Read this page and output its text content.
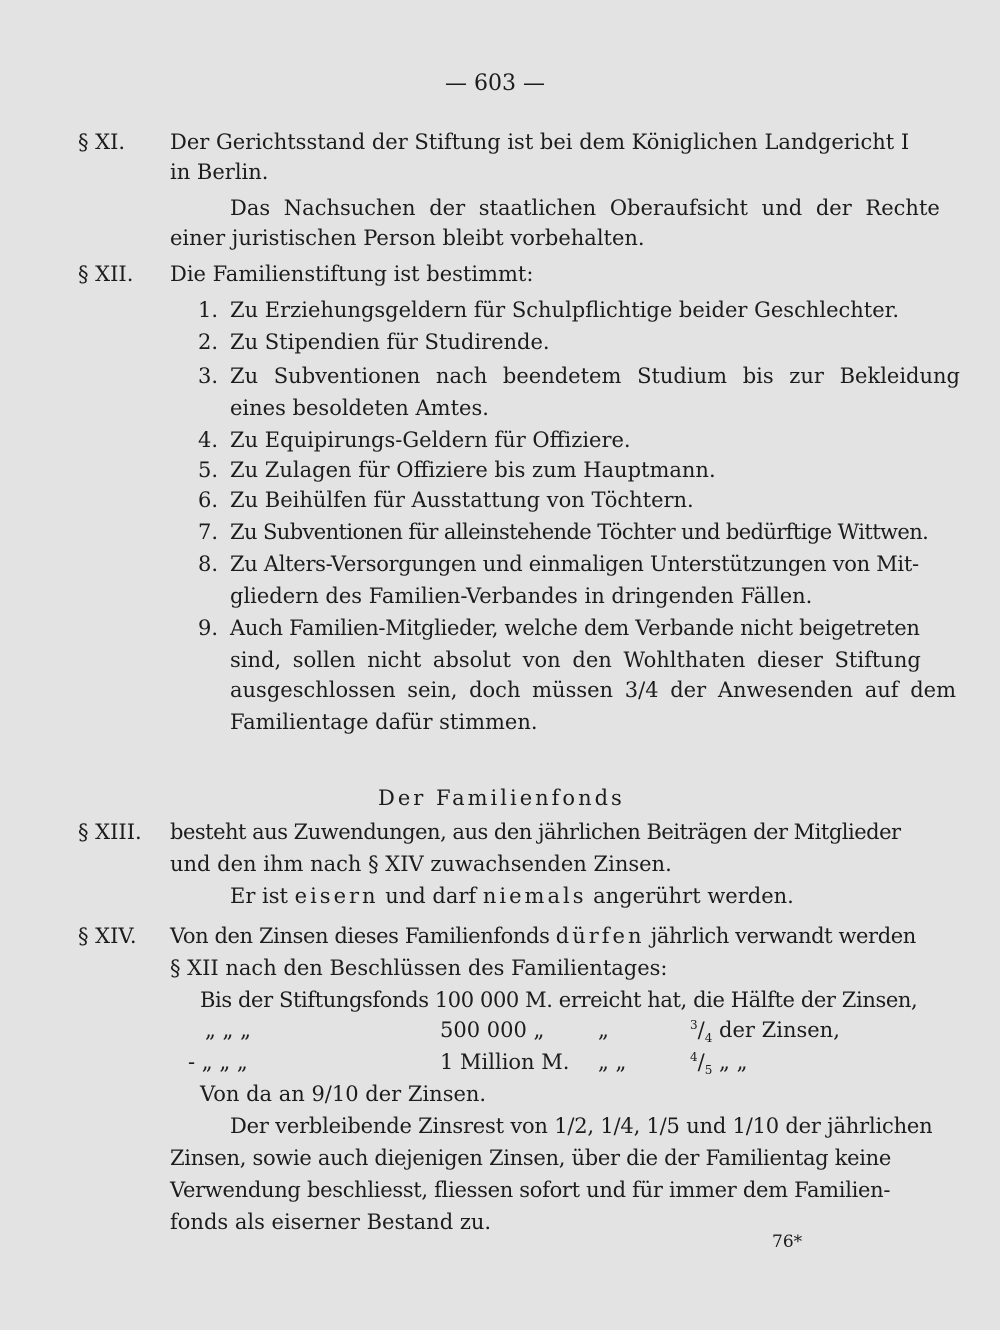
— 603 —
§ XI. Der Gerichtsstand der Stiftung ist bei dem Königlichen Landgericht I
in Berlin.
Das Nachsuchen der staatlichen Oberaufsicht und der Rechte
einer juristischen Person bleibt vorbehalten.
§ XII. Die Familienstiftung ist bestimmt:
1. Zu Erziehungsgeldern für Schulpflichtige beider Geschlechter.
2. Zu Stipendien für Studirende.
3. Zu Subventionen nach beendetem Studium bis zur Bekleidung
eines besoldeten Amtes.
4. Zu Equipirungs-Geldern für Offiziere.
5. Zu Zulagen für Offiziere bis zum Hauptmann.
6. Zu Beihülfen für Ausstattung von Töchtern.
7. Zu Subventionen für alleinstehende Töchter und bedürftige Wittwen.
8. Zu Alters-Versorgungen und einmaligen Unterstützungen von Mit-
gliedern des Familien-Verbandes in dringenden Fällen.
9. Auch Familien-Mitglieder, welche dem Verbande nicht beigetreten
sind, sollen nicht absolut von den Wohlthaten dieser Stiftung
ausgeschlossen sein, doch müssen 3/4 der Anwesenden auf dem
Familientage dafür stimmen.
Der Familienfonds
§ XIII. besteht aus Zuwendungen, aus den jährlichen Beiträgen der Mitglieder
und den ihm nach § XIV zuwachsenden Zinsen.
Er ist eisern und darf niemals angerührt werden.
§ XIV. Von den Zinsen dieses Familienfonds dürfen jährlich verwandt werden
§ XII nach den Beschlüssen des Familientages:
Bis der Stiftungsfonds 100 000 M. erreicht hat, die Hälfte der Zinsen,
„ „ „	500 000 „	„	$^3/_4$ der Zinsen,
- „ „ „	1 Million M. „ „	$^4/_5$ „ „
Von da an 9/10 der Zinsen.
Der verbleibende Zinsrest von 1/2, 1/4, 1/5 und 1/10 der jährlichen
Zinsen, sowie auch diejenigen Zinsen, über die der Familientag keine
Verwendung beschliesst, fliessen sofort und für immer dem Familien-
fonds als eiserner Bestand zu.
76*
